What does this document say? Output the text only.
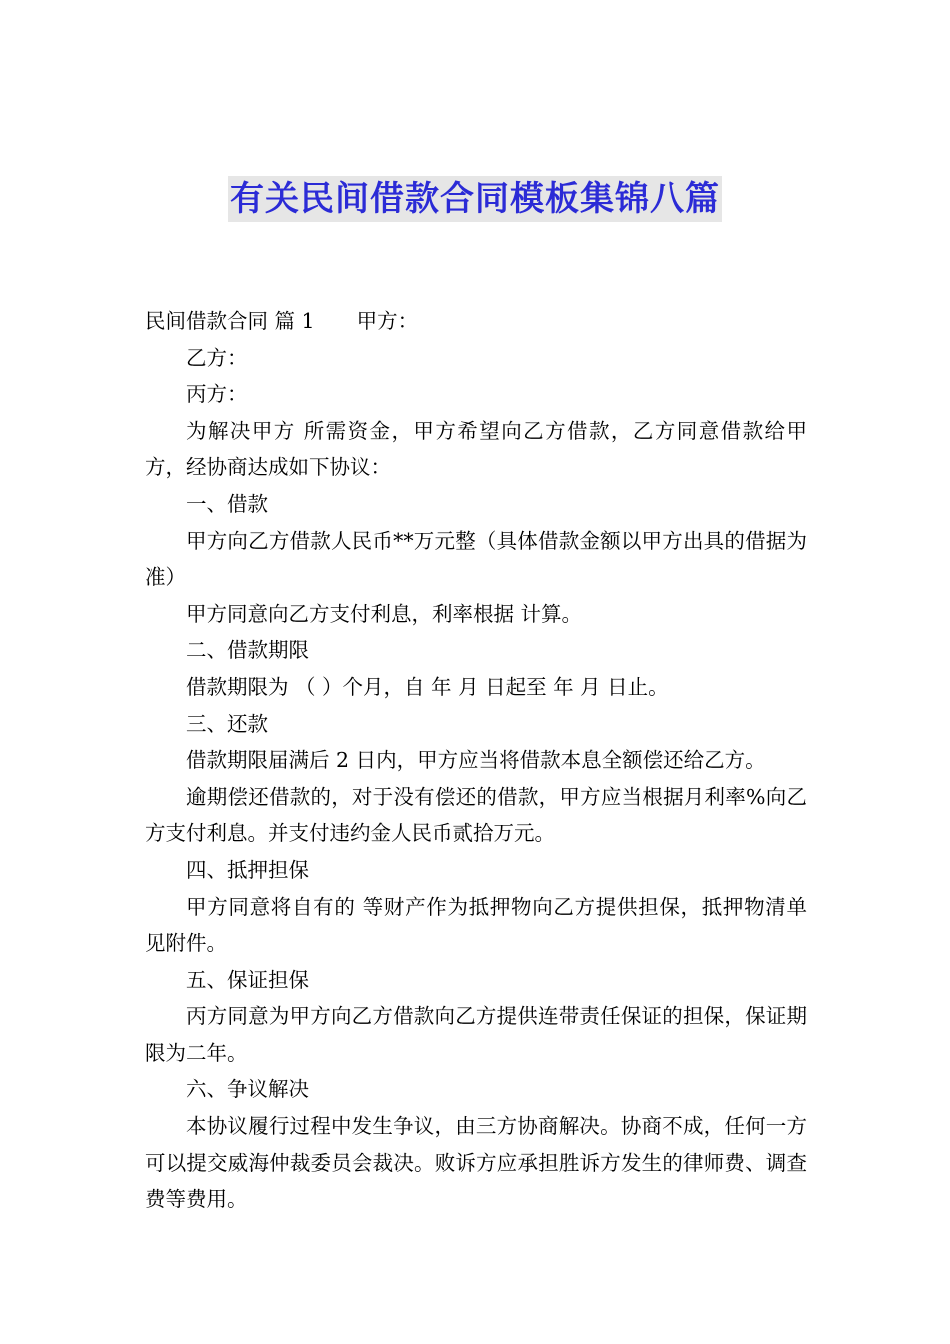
有关民间借款合同模板集锦八篇

民间借款合同 篇 1 甲方：

乙方：

丙方：

为解决甲方 所需资金，甲方希望向乙方借款，乙方同意借款给甲方，经协商达成如下协议：

一、借款

甲方向乙方借款人民币**万元整（具体借款金额以甲方出具的借据为准）

甲方同意向乙方支付利息，利率根据 计算。

二、借款期限

借款期限为 （ ）个月，自 年 月 日起至 年 月 日止。

三、还款

借款期限届满后 2 日内，甲方应当将借款本息全额偿还给乙方。

逾期偿还借款的，对于没有偿还的借款，甲方应当根据月利率%向乙方支付利息。并支付违约金人民币贰拾万元。

四、抵押担保

甲方同意将自有的 等财产作为抵押物向乙方提供担保，抵押物清单见附件。

五、保证担保

丙方同意为甲方向乙方借款向乙方提供连带责任保证的担保，保证期限为二年。

六、争议解决

本协议履行过程中发生争议，由三方协商解决。协商不成，任何一方可以提交威海仲裁委员会裁决。败诉方应承担胜诉方发生的律师费、调查费等费用。
